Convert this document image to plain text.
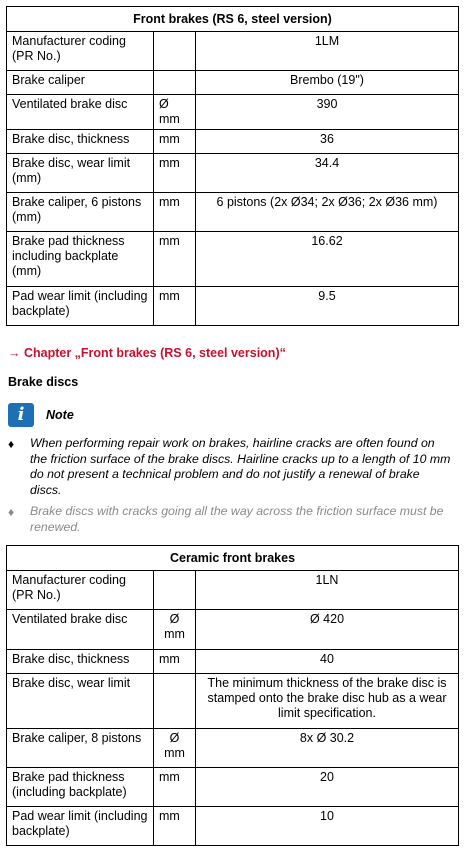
Front brakes (RS 6, steel version)		
Manufacturer coding (PR No.)		1LM
Brake caliper		Brembo (19")
Ventilated brake disc	Ø mm	390
Brake disc, thickness	mm	36
Brake disc, wear limit (mm)	mm	34.4
Brake caliper, 6 pistons (mm)	mm	6 pistons (2x Ø34; 2x Ø36; 2x Ø36 mm)
Brake pad thickness including backplate (mm)	mm	16.62
Pad wear limit (including backplate)	mm	9.5
→ Chapter „Front brakes (RS 6, steel version)“
Brake discs
i	Note
♦ When performing repair work on brakes, hairline cracks are often found on the friction surface of the brake discs. Hairline cracks up to a length of 10 mm do not present a technical problem and do not justify a renewal of brake discs.
♦ Brake discs with cracks going all the way across the friction surface must be renewed.
Ceramic front brakes		
Manufacturer coding (PR No.)		1LN
Ventilated brake disc	Ø mm	Ø 420
Brake disc, thickness	mm	40
Brake disc, wear limit		The minimum thickness of the brake disc is stamped onto the brake disc hub as a wear limit specification.
Brake caliper, 8 pistons	Ø mm	8x Ø 30.2
Brake pad thickness (including backplate)	mm	20
Pad wear limit (including backplate)	mm	10
